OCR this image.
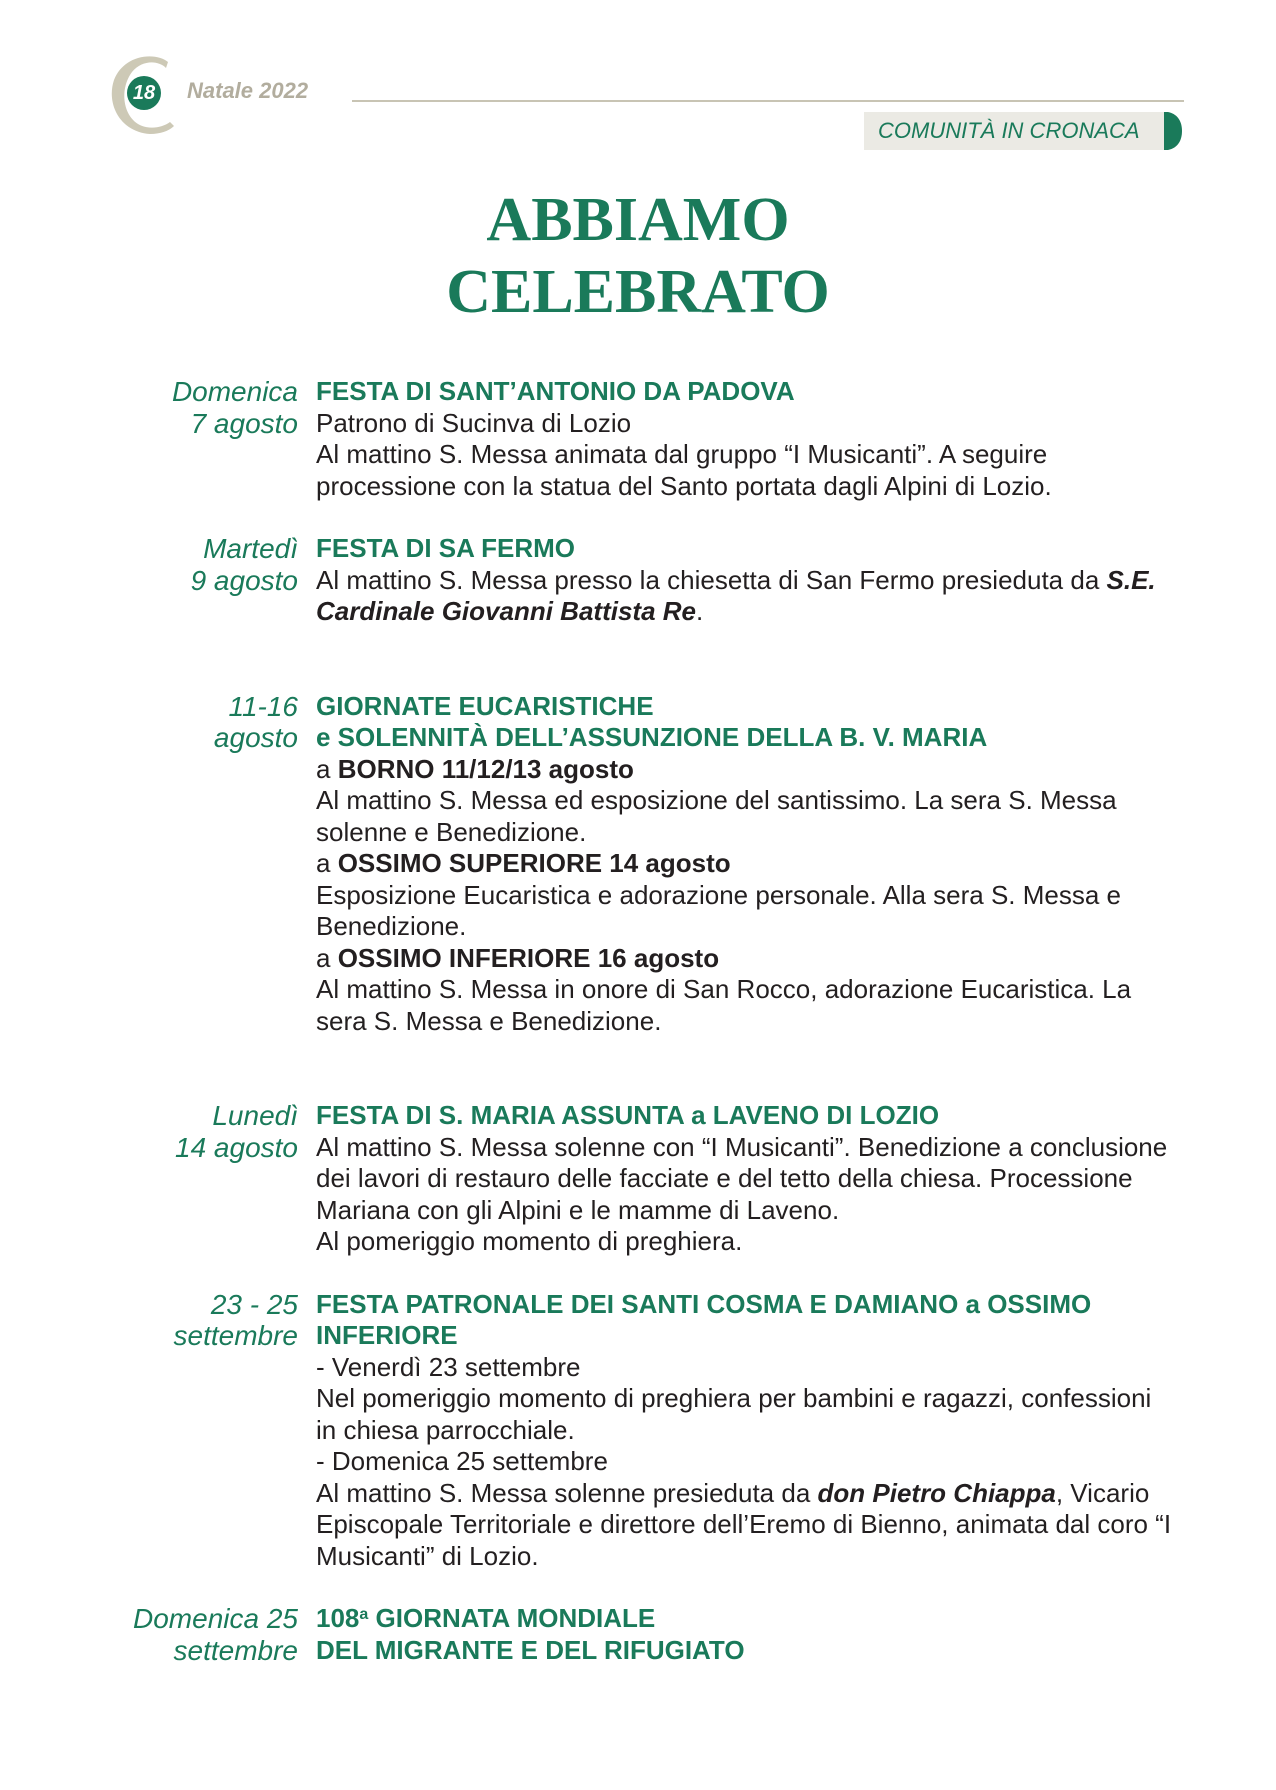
18 Natale 2022
COMUNITÀ IN CRONACA
ABBIAMO
CELEBRATO
Domenica
7 agosto
FESTA DI SANT’ANTONIO DA PADOVA
Patrono di Sucinva di Lozio
Al mattino S. Messa animata dal gruppo “I Musicanti”. A seguire processione con la statua del Santo portata dagli Alpini di Lozio.
Martedì
9 agosto
FESTA DI SA FERMO
Al mattino S. Messa presso la chiesetta di San Fermo presieduta da S.E. Cardinale Giovanni Battista Re.
11-16
agosto
GIORNATE EUCARISTICHE
e SOLENNITÀ DELL’ASSUNZIONE DELLA B. V. MARIA
a BORNO 11/12/13 agosto
Al mattino S. Messa ed esposizione del santissimo. La sera S. Messa solenne e Benedizione.
a OSSIMO SUPERIORE 14 agosto
Esposizione Eucaristica e adorazione personale. Alla sera S. Messa e Benedizione.
a OSSIMO INFERIORE 16 agosto
Al mattino S. Messa in onore di San Rocco, adorazione Eucaristica. La sera S. Messa e Benedizione.
Lunedì
14 agosto
FESTA DI S. MARIA ASSUNTA a LAVENO DI LOZIO
Al mattino S. Messa solenne con “I Musicanti”. Benedizione a conclusione dei lavori di restauro delle facciate e del tetto della chiesa. Processione Mariana con gli Alpini e le mamme di Laveno.
Al pomeriggio momento di preghiera.
23 - 25
settembre
FESTA PATRONALE DEI SANTI COSMA E DAMIANO a OSSIMO INFERIORE
- Venerdì 23 settembre
Nel pomeriggio momento di preghiera per bambini e ragazzi, confessioni in chiesa parrocchiale.
- Domenica 25 settembre
Al mattino S. Messa solenne presieduta da don Pietro Chiappa, Vicario Episcopale Territoriale e direttore dell’Eremo di Bienno, animata dal coro “I Musicanti” di Lozio.
Domenica 25
settembre
108$^a$ GIORNATA MONDIALE
DEL MIGRANTE E DEL RIFUGIATO
